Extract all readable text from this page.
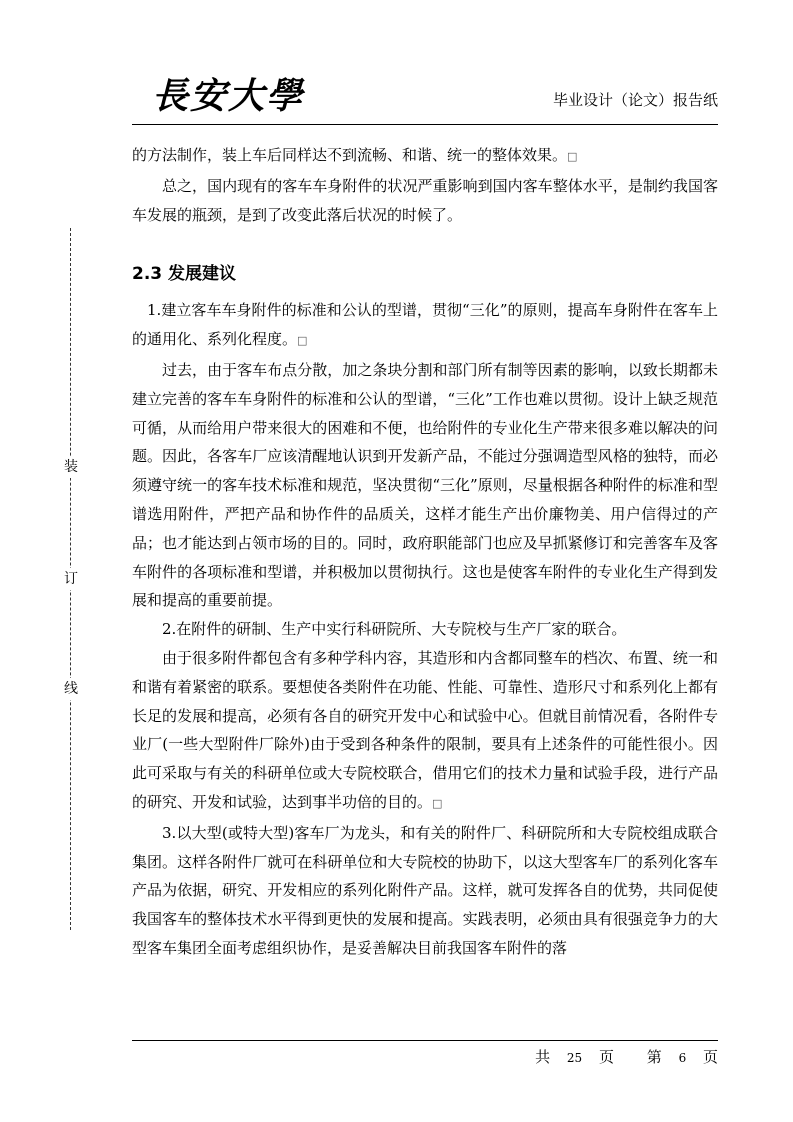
長安大學	毕业设计（论文）报告纸
装
订
线

的方法制作，装上车后同样达不到流畅、和谐、统一的整体效果。□

总之，国内现有的客车车身附件的状况严重影响到国内客车整体水平，是制约我国客车发展的瓶颈，是到了改变此落后状况的时候了。

2.3 发展建议

1.建立客车车身附件的标准和公认的型谱，贯彻“三化”的原则，提高车身附件在客车上的通用化、系列化程度。□

过去，由于客车布点分散，加之条块分割和部门所有制等因素的影响，以致长期都未建立完善的客车车身附件的标准和公认的型谱，“三化”工作也难以贯彻。设计上缺乏规范可循，从而给用户带来很大的困难和不便，也给附件的专业化生产带来很多难以解决的问题。因此，各客车厂应该清醒地认识到开发新产品，不能过分强调造型风格的独特，而必须遵守统一的客车技术标准和规范，坚决贯彻“三化”原则，尽量根据各种附件的标准和型谱选用附件，严把产品和协作件的品质关，这样才能生产出价廉物美、用户信得过的产品；也才能达到占领市场的目的。同时，政府职能部门也应及早抓紧修订和完善客车及客车附件的各项标准和型谱，并积极加以贯彻执行。这也是使客车附件的专业化生产得到发展和提高的重要前提。

2.在附件的研制、生产中实行科研院所、大专院校与生产厂家的联合。

由于很多附件都包含有多种学科内容，其造形和内含都同整车的档次、布置、统一和和谐有着紧密的联系。要想使各类附件在功能、性能、可靠性、造形尺寸和系列化上都有长足的发展和提高，必须有各自的研究开发中心和试验中心。但就目前情况看，各附件专业厂(一些大型附件厂除外)由于受到各种条件的限制，要具有上述条件的可能性很小。因此可采取与有关的科研单位或大专院校联合，借用它们的技术力量和试验手段，进行产品的研究、开发和试验，达到事半功倍的目的。□

3.以大型(或特大型)客车厂为龙头，和有关的附件厂、科研院所和大专院校组成联合集团。这样各附件厂就可在科研单位和大专院校的协助下，以这大型客车厂的系列化客车产品为依据，研究、开发相应的系列化附件产品。这样，就可发挥各自的优势，共同促使我国客车的整体技术水平得到更快的发展和提高。实践表明，必须由具有很强竞争力的大型客车集团全面考虑组织协作，是妥善解决目前我国客车附件的落

共 25 页 第 6 页
